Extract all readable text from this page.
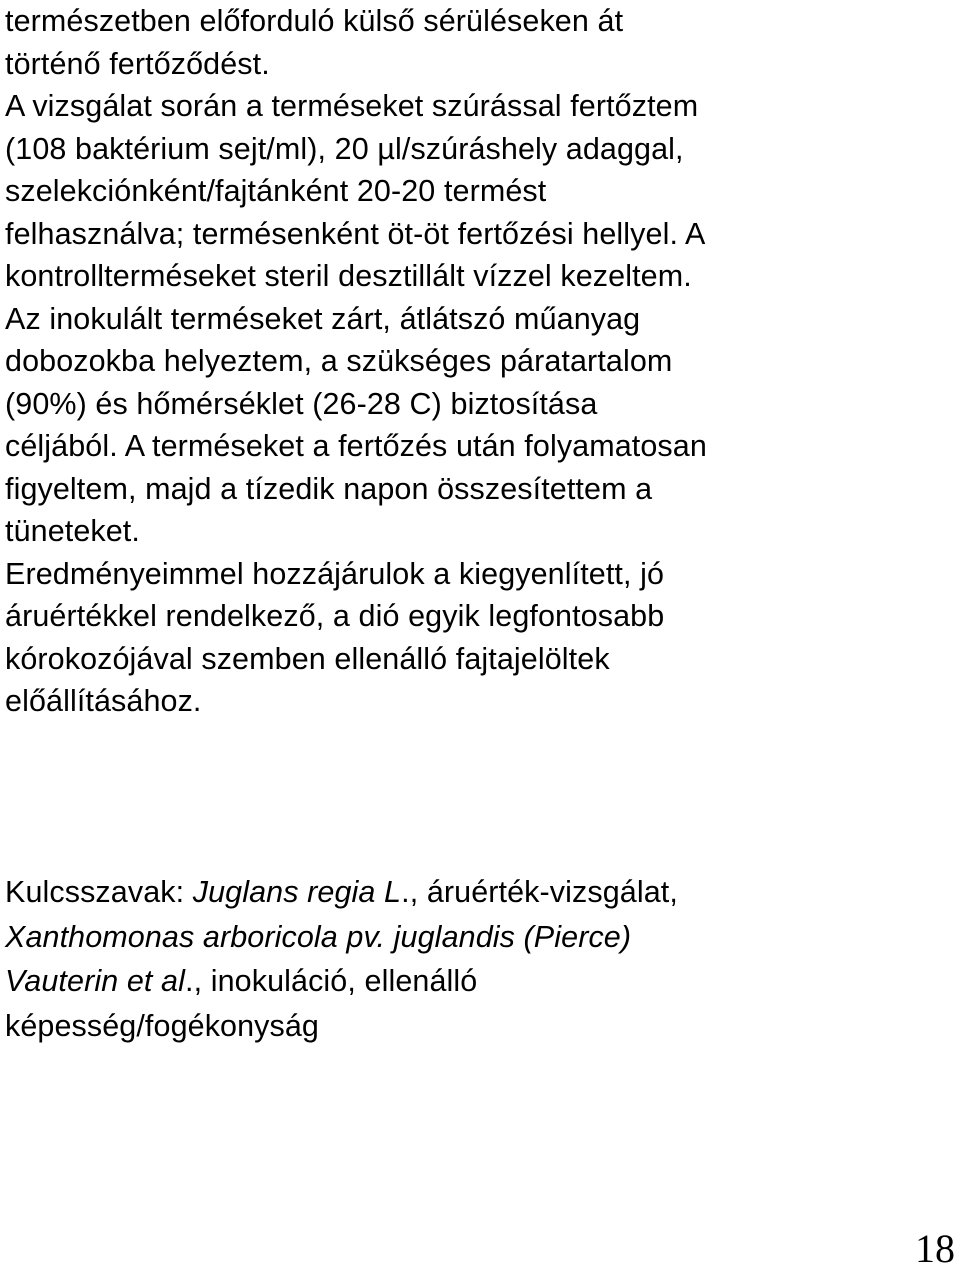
természetben előforduló külső sérüléseken át
történő fertőződést.
A vizsgálat során a terméseket szúrással fertőztem
(108 baktérium sejt/ml), 20 µl/szúráshely adaggal,
szelekciónként/fajtánként 20-20 termést
felhasználva; termésenként öt-öt fertőzési hellyel. A
kontrollterméseket steril desztillált vízzel kezeltem.
Az inokulált terméseket zárt, átlátszó műanyag
dobozokba helyeztem, a szükséges páratartalom
(90%) és hőmérséklet (26-28 C) biztosítása
céljából. A terméseket a fertőzés után folyamatosan
figyeltem, majd a tízedik napon összesítettem a
tüneteket.
Eredményeimmel hozzájárulok a kiegyenlített, jó
áruértékkel rendelkező, a dió egyik legfontosabb
kórokozójával szemben ellenálló fajtajelöltek
előállításához.
Kulcsszavak: Juglans regia L., áruérték-vizsgálat,
Xanthomonas arboricola pv. juglandis (Pierce)
Vauterin et al., inokuláció, ellenálló
képesség/fogékonyság
18
